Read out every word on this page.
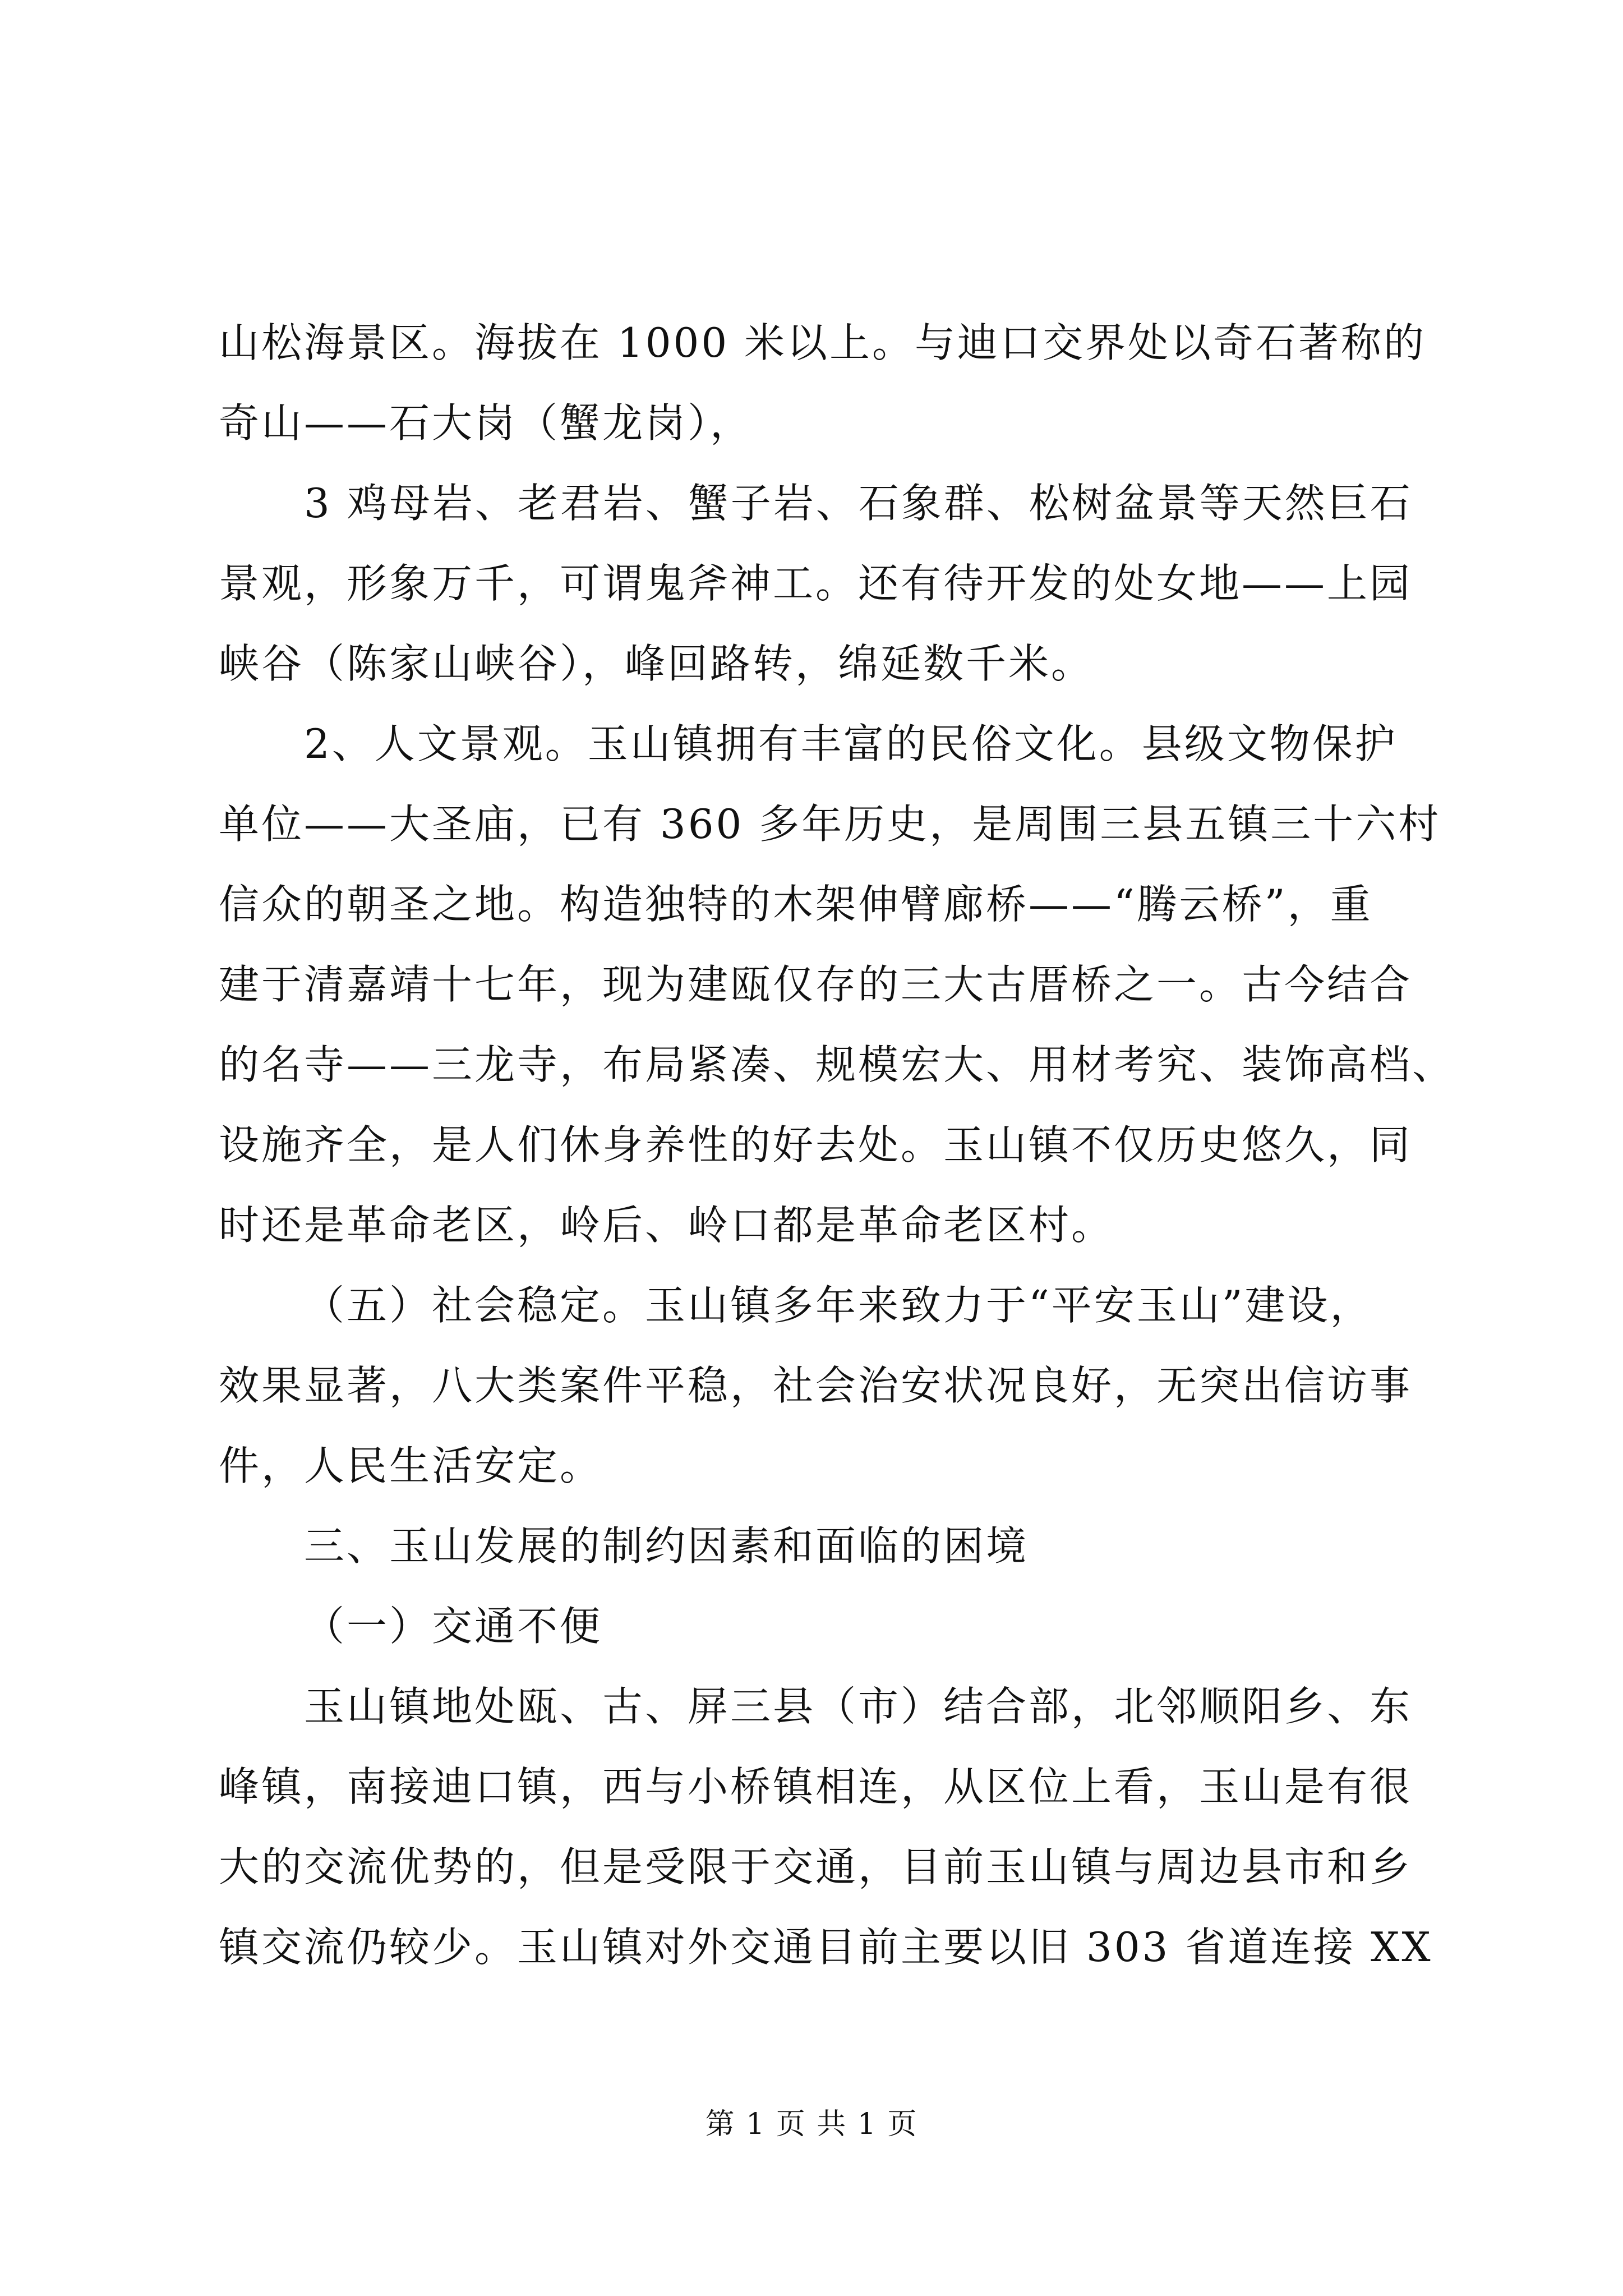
山松海景区。海拔在 1000 米以上。与迪口交界处以奇石著称的
奇山——石大岗（蟹龙岗），
3 鸡母岩、老君岩、蟹子岩、石象群、松树盆景等天然巨石
景观，形象万千，可谓鬼斧神工。还有待开发的处女地——上园
峡谷（陈家山峡谷），峰回路转，绵延数千米。
2、人文景观。玉山镇拥有丰富的民俗文化。县级文物保护
单位——大圣庙，已有 360 多年历史，是周围三县五镇三十六村
信众的朝圣之地。构造独特的木架伸臂廊桥——“腾云桥”，重
建于清嘉靖十七年，现为建瓯仅存的三大古厝桥之一。古今结合
的名寺——三龙寺，布局紧凑、规模宏大、用材考究、装饰高档、
设施齐全，是人们休身养性的好去处。玉山镇不仅历史悠久，同
时还是革命老区，岭后、岭口都是革命老区村。
（五）社会稳定。玉山镇多年来致力于“平安玉山”建设，
效果显著，八大类案件平稳，社会治安状况良好，无突出信访事
件，人民生活安定。
三、玉山发展的制约因素和面临的困境
（一）交通不便
玉山镇地处瓯、古、屏三县（市）结合部，北邻顺阳乡、东
峰镇，南接迪口镇，西与小桥镇相连，从区位上看，玉山是有很
大的交流优势的，但是受限于交通，目前玉山镇与周边县市和乡
镇交流仍较少。玉山镇对外交通目前主要以旧 303 省道连接 XX
第 1 页 共 1 页
